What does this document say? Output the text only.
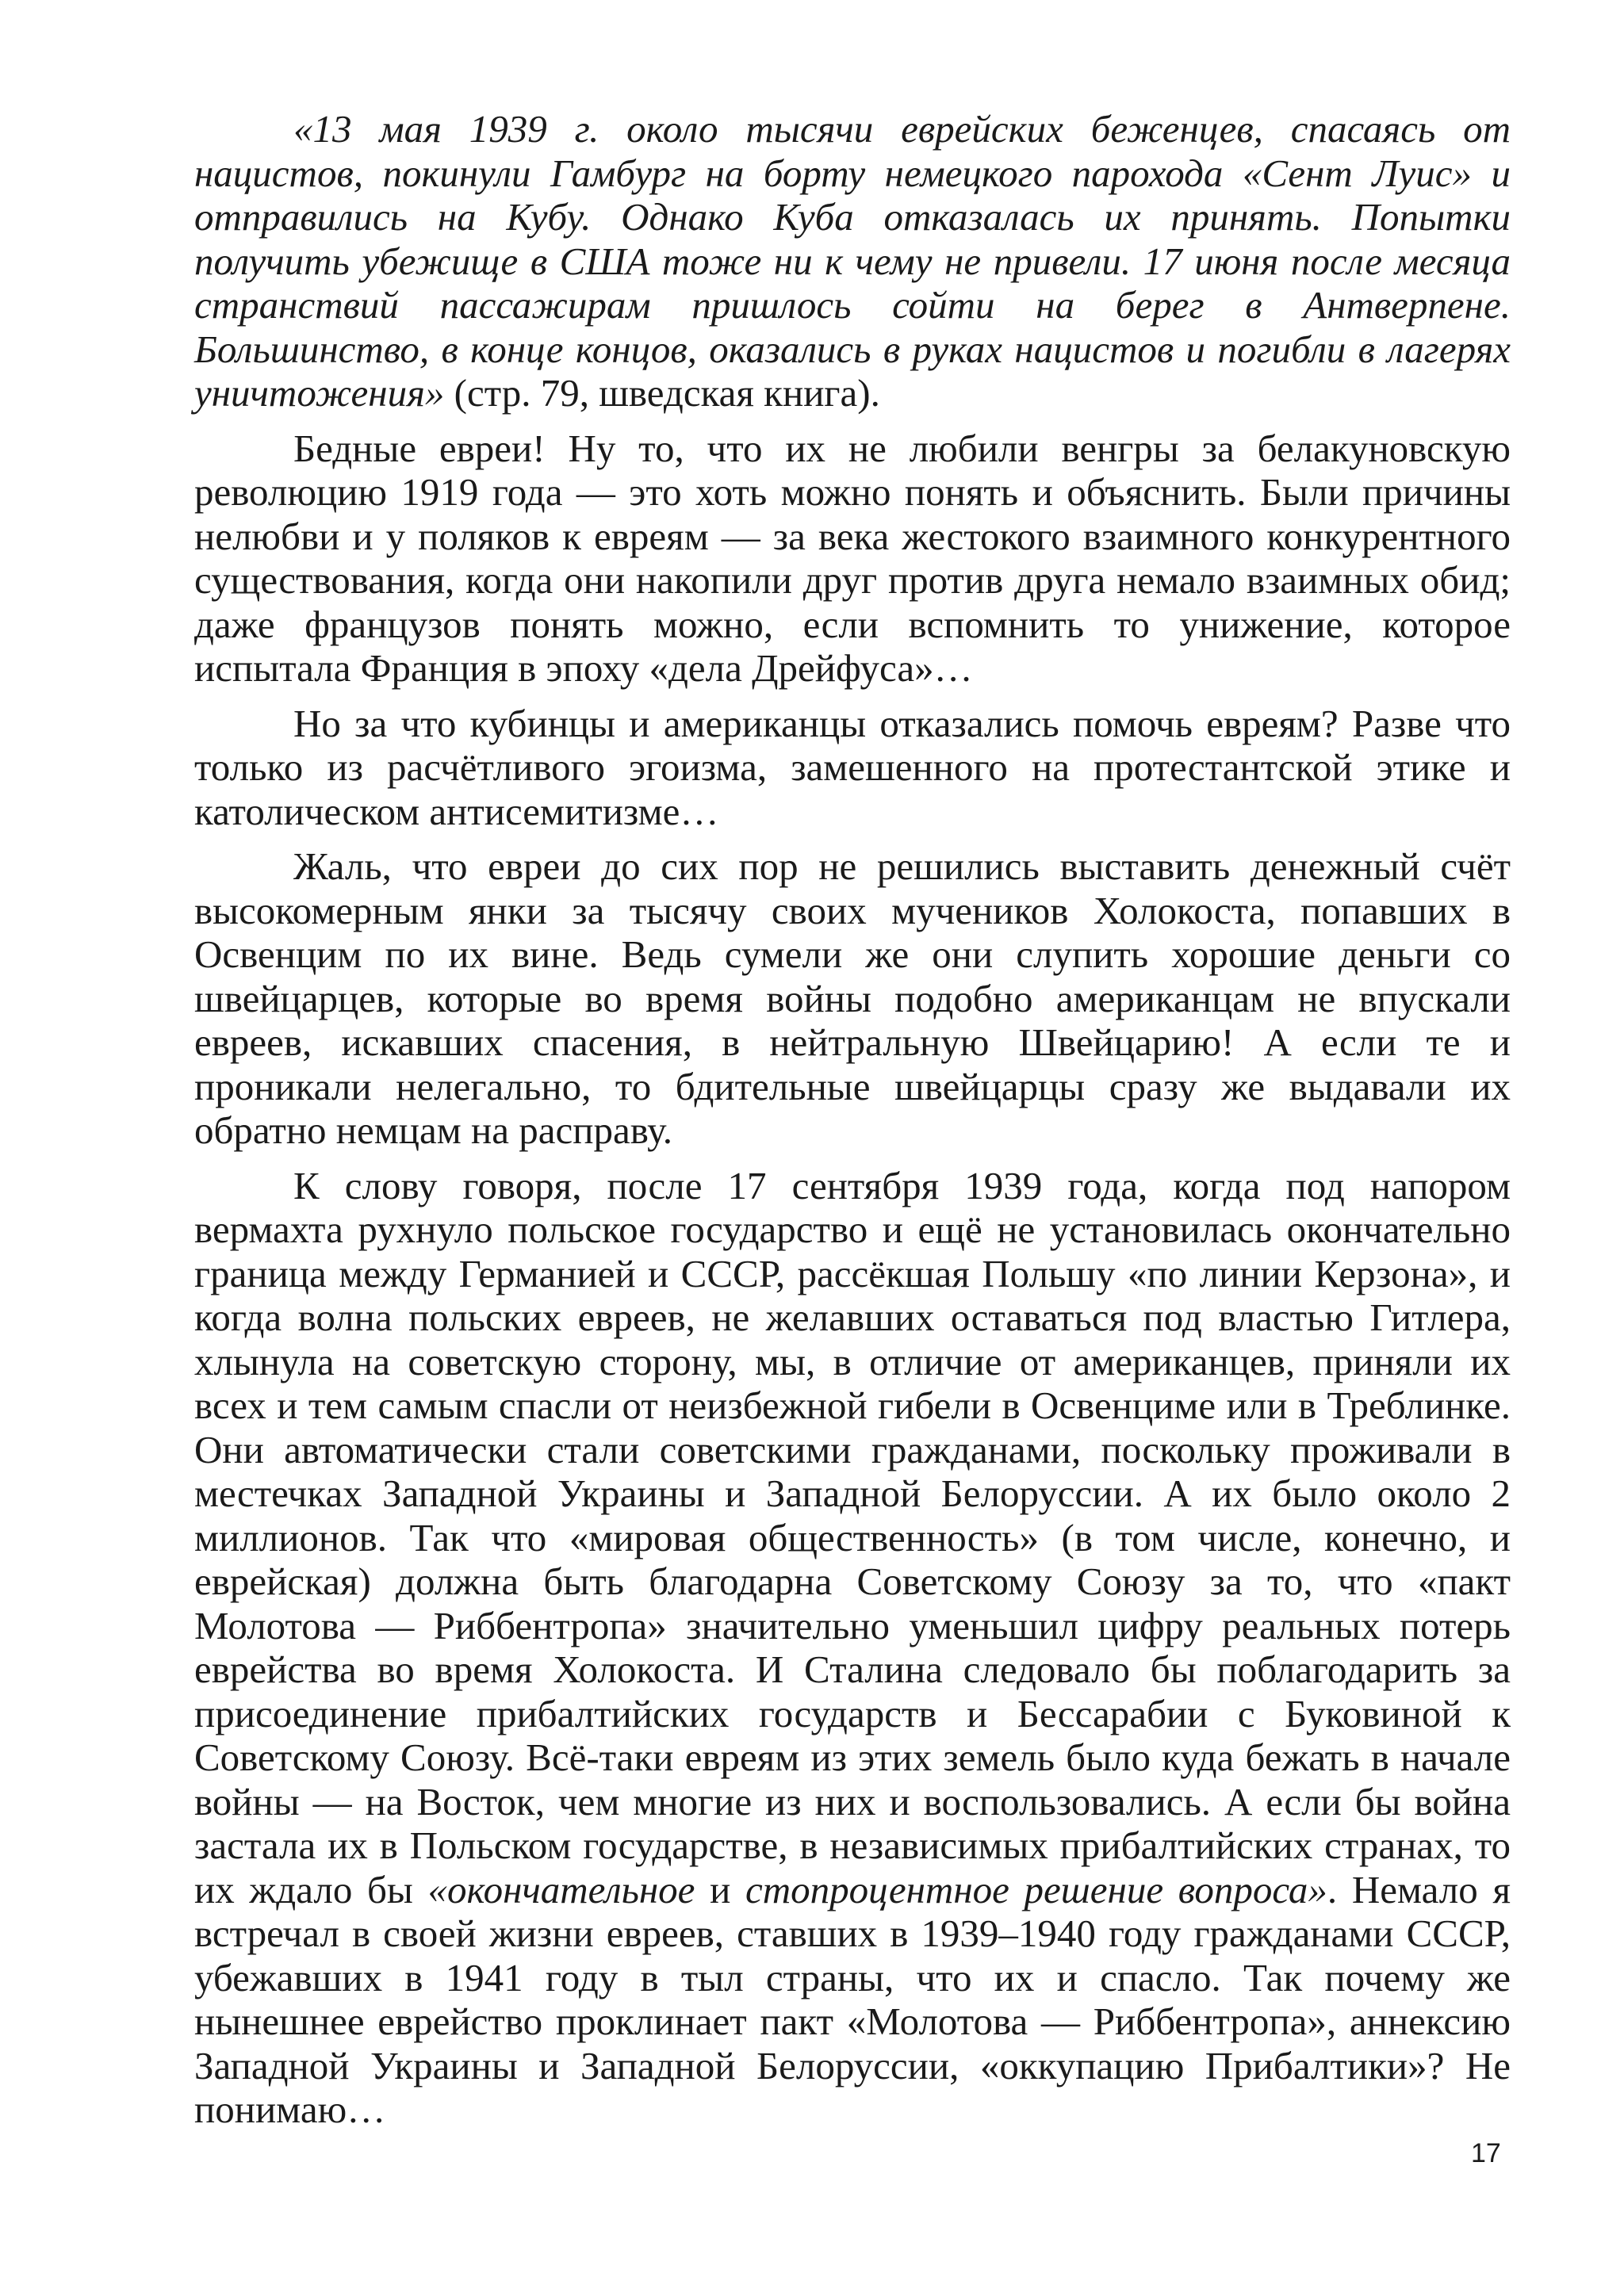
«13 мая 1939 г. около тысячи еврейских беженцев, спасаясь от нацистов, покинули Гамбург на борту немецкого парохода «Сент Луис» и отправились на Кубу. Однако Куба отказалась их принять. Попытки получить убежище в США тоже ни к чему не привели. 17 июня после месяца странствий пассажирам пришлось сойти на берег в Антверпене. Большинство, в конце концов, оказались в руках нацистов и погибли в лагерях уничтожения» (стр. 79, шведская книга).

Бедные евреи! Ну то, что их не любили венгры за белакуновскую революцию 1919 года — это хоть можно понять и объяснить. Были причины нелюбви и у поляков к евреям — за века жестокого взаимного конкурентного существования, когда они накопили друг против друга немало взаимных обид; даже французов понять можно, если вспомнить то унижение, которое испытала Франция в эпоху «дела Дрейфуса»…

Но за что кубинцы и американцы отказались помочь евреям? Разве что только из расчётливого эгоизма, замешенного на протестантской этике и католическом антисемитизме…

Жаль, что евреи до сих пор не решились выставить денежный счёт высокомерным янки за тысячу своих мучеников Холокоста, попавших в Освенцим по их вине. Ведь сумели же они слупить хорошие деньги со швейцарцев, которые во время войны подобно американцам не впускали евреев, искавших спасения, в нейтральную Швейцарию! А если те и проникали нелегально, то бдительные швейцарцы сразу же выдавали их обратно немцам на расправу.

К слову говоря, после 17 сентября 1939 года, когда под напором вермахта рухнуло польское государство и ещё не установилась окончательно граница между Германией и СССР, рассёкшая Польшу «по линии Керзона», и когда волна польских евреев, не желавших оставаться под властью Гитлера, хлынула на советскую сторону, мы, в отличие от американцев, приняли их всех и тем самым спасли от неизбежной гибели в Освенциме или в Треблинке. Они автоматически стали советскими гражданами, поскольку проживали в местечках Западной Украины и Западной Белоруссии. А их было около 2 миллионов. Так что «мировая общественность» (в том числе, конечно, и еврейская) должна быть благодарна Советскому Союзу за то, что «пакт Молотова — Риббентропа» значительно уменьшил цифру реальных потерь еврейства во время Холокоста. И Сталина следовало бы поблагодарить за присоединение прибалтийских государств и Бессарабии с Буковиной к Советскому Союзу. Всё-таки евреям из этих земель было куда бежать в начале войны — на Восток, чем многие из них и воспользовались. А если бы война застала их в Польском государстве, в независимых прибалтийских странах, то их ждало бы «окончательное и стопроцентное решение вопроса». Немало я встречал в своей жизни евреев, ставших в 1939–1940 году гражданами СССР, убежавших в 1941 году в тыл страны, что их и спасло. Так почему же нынешнее еврейство проклинает пакт «Молотова — Риббентропа», аннексию Западной Украины и Западной Белоруссии, «оккупацию Прибалтики»? Не понимаю…

17
